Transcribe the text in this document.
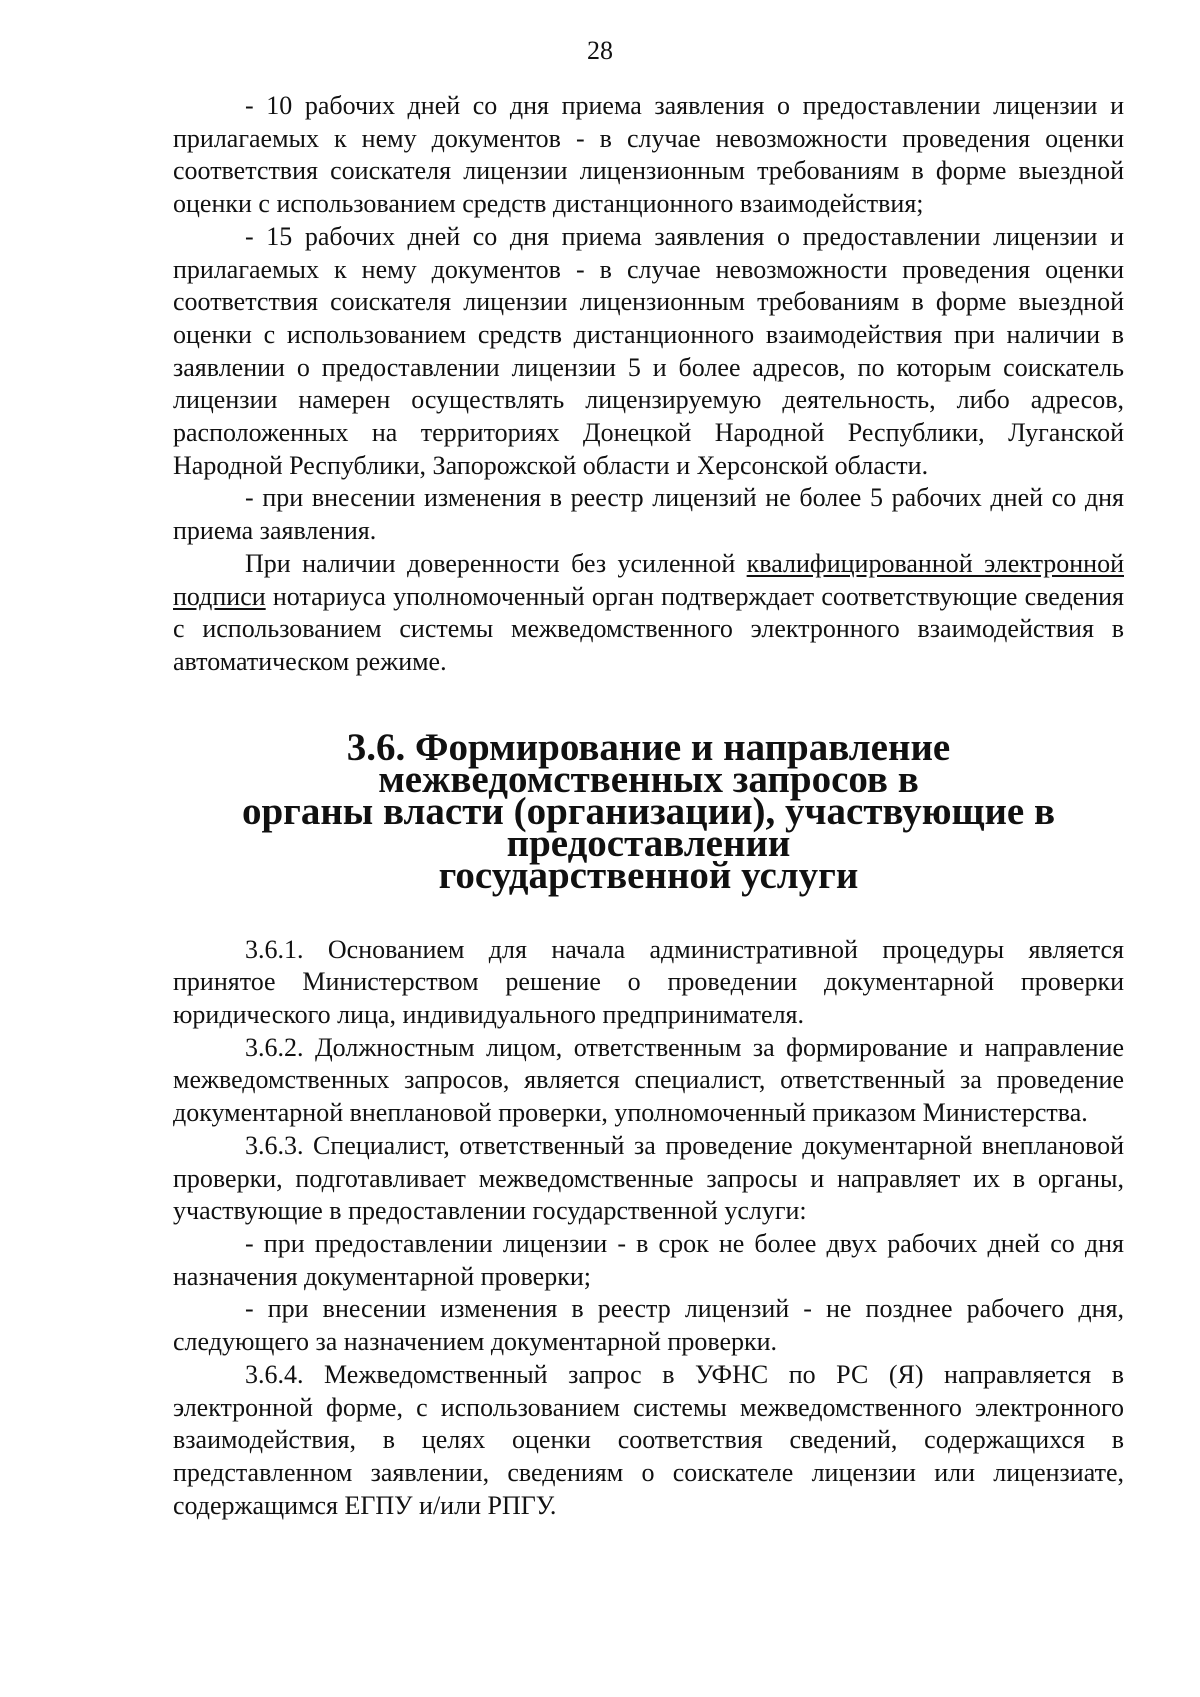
28

- 10 рабочих дней со дня приема заявления о предоставлении лицензии и прилагаемых к нему документов - в случае невозможности проведения оценки соответствия соискателя лицензии лицензионным требованиям в форме выездной оценки с использованием средств дистанционного взаимодействия;

- 15 рабочих дней со дня приема заявления о предоставлении лицензии и прилагаемых к нему документов - в случае невозможности проведения оценки соответствия соискателя лицензии лицензионным требованиям в форме выездной оценки с использованием средств дистанционного взаимодействия при наличии в заявлении о предоставлении лицензии 5 и более адресов, по которым соискатель лицензии намерен осуществлять лицензируемую деятельность, либо адресов, расположенных на территориях Донецкой Народной Республики, Луганской Народной Республики, Запорожской области и Херсонской области.

- при внесении изменения в реестр лицензий не более 5 рабочих дней со дня приема заявления.

При наличии доверенности без усиленной квалифицированной электронной подписи нотариуса уполномоченный орган подтверждает соответствующие сведения с использованием системы межведомственного электронного взаимодействия в автоматическом режиме.

3.6. Формирование и направление межведомственных запросов в
органы власти (организации), участвующие в предоставлении
государственной услуги

3.6.1. Основанием для начала административной процедуры является принятое Министерством решение о проведении документарной проверки юридического лица, индивидуального предпринимателя.

3.6.2. Должностным лицом, ответственным за формирование и направление межведомственных запросов, является специалист, ответственный за проведение документарной внеплановой проверки, уполномоченный приказом Министерства.

3.6.3. Специалист, ответственный за проведение документарной внеплановой проверки, подготавливает межведомственные запросы и направляет их в органы, участвующие в предоставлении государственной услуги:

- при предоставлении лицензии - в срок не более двух рабочих дней со дня назначения документарной проверки;

- при внесении изменения в реестр лицензий - не позднее рабочего дня, следующего за назначением документарной проверки.

3.6.4. Межведомственный запрос в УФНС по РС (Я) направляется в электронной форме, с использованием системы межведомственного электронного взаимодействия, в целях оценки соответствия сведений, содержащихся в представленном заявлении, сведениям о соискателе лицензии или лицензиате, содержащимся ЕГПУ и/или РПГУ.
